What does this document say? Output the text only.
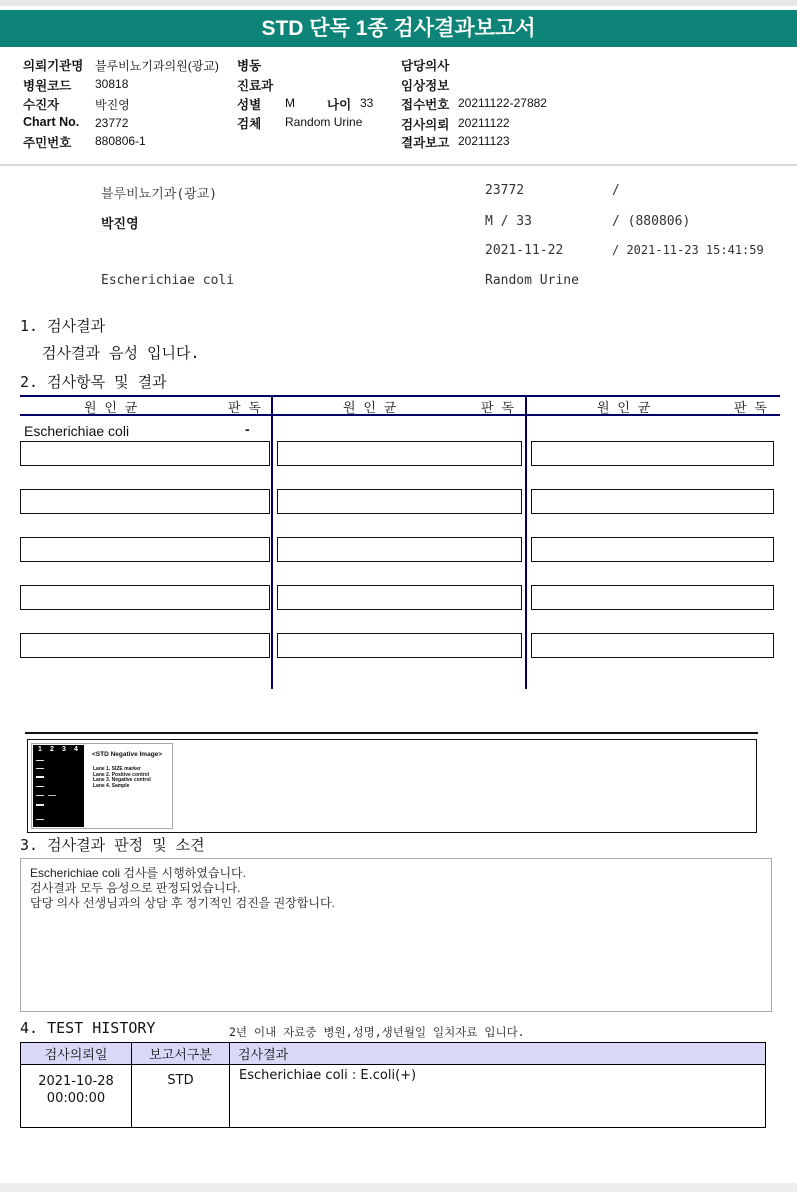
STD 단독 1종 검사결과보고서
의뢰기관명 블루비뇨기과의원(광교)
병원코드 30818
수진자	박진영
Chart No. 23772
주민번호 880806-1
병동
진료과
성별 M	나이 33
검체 Random Urine
담당의사
임상정보
접수번호 20211122-27882
검사의뢰 20211122
결과보고 20211123
블루비뇨기과(광교)	23772	/
박진영	M / 33	/ (880806)
2021-11-22	/ 2021-11-23 15:41:59
Escherichiae coli	Random Urine
1. 검사결과
검사결과 음성 입니다.
2. 검사항목 및 결과
원 인 균	판 독	원 인 균	판 독	원 인 균	판 독
Escherichiae coli	-
1	2	3	4
<STD Negative Image>
Lane 1. SIZE marker
Lane 2. Positive control
Lane 3. Negative control
Lane 4. Sample
3. 검사결과 판정 및 소견
Escherichiae coli 검사를 시행하였습니다.
검사결과 모두 음성으로 판정되었습니다.
담당 의사 선생님과의 상담 후 정기적인 검진을 권장합니다.
4. TEST HISTORY	2년 이내 자료중 병원,성명,생년월일 일치자료 입니다.
검사의뢰일	보고서구분	검사결과

2021-10-28
00:00:00	STD	Escherichiae coli : E.coli(+)
